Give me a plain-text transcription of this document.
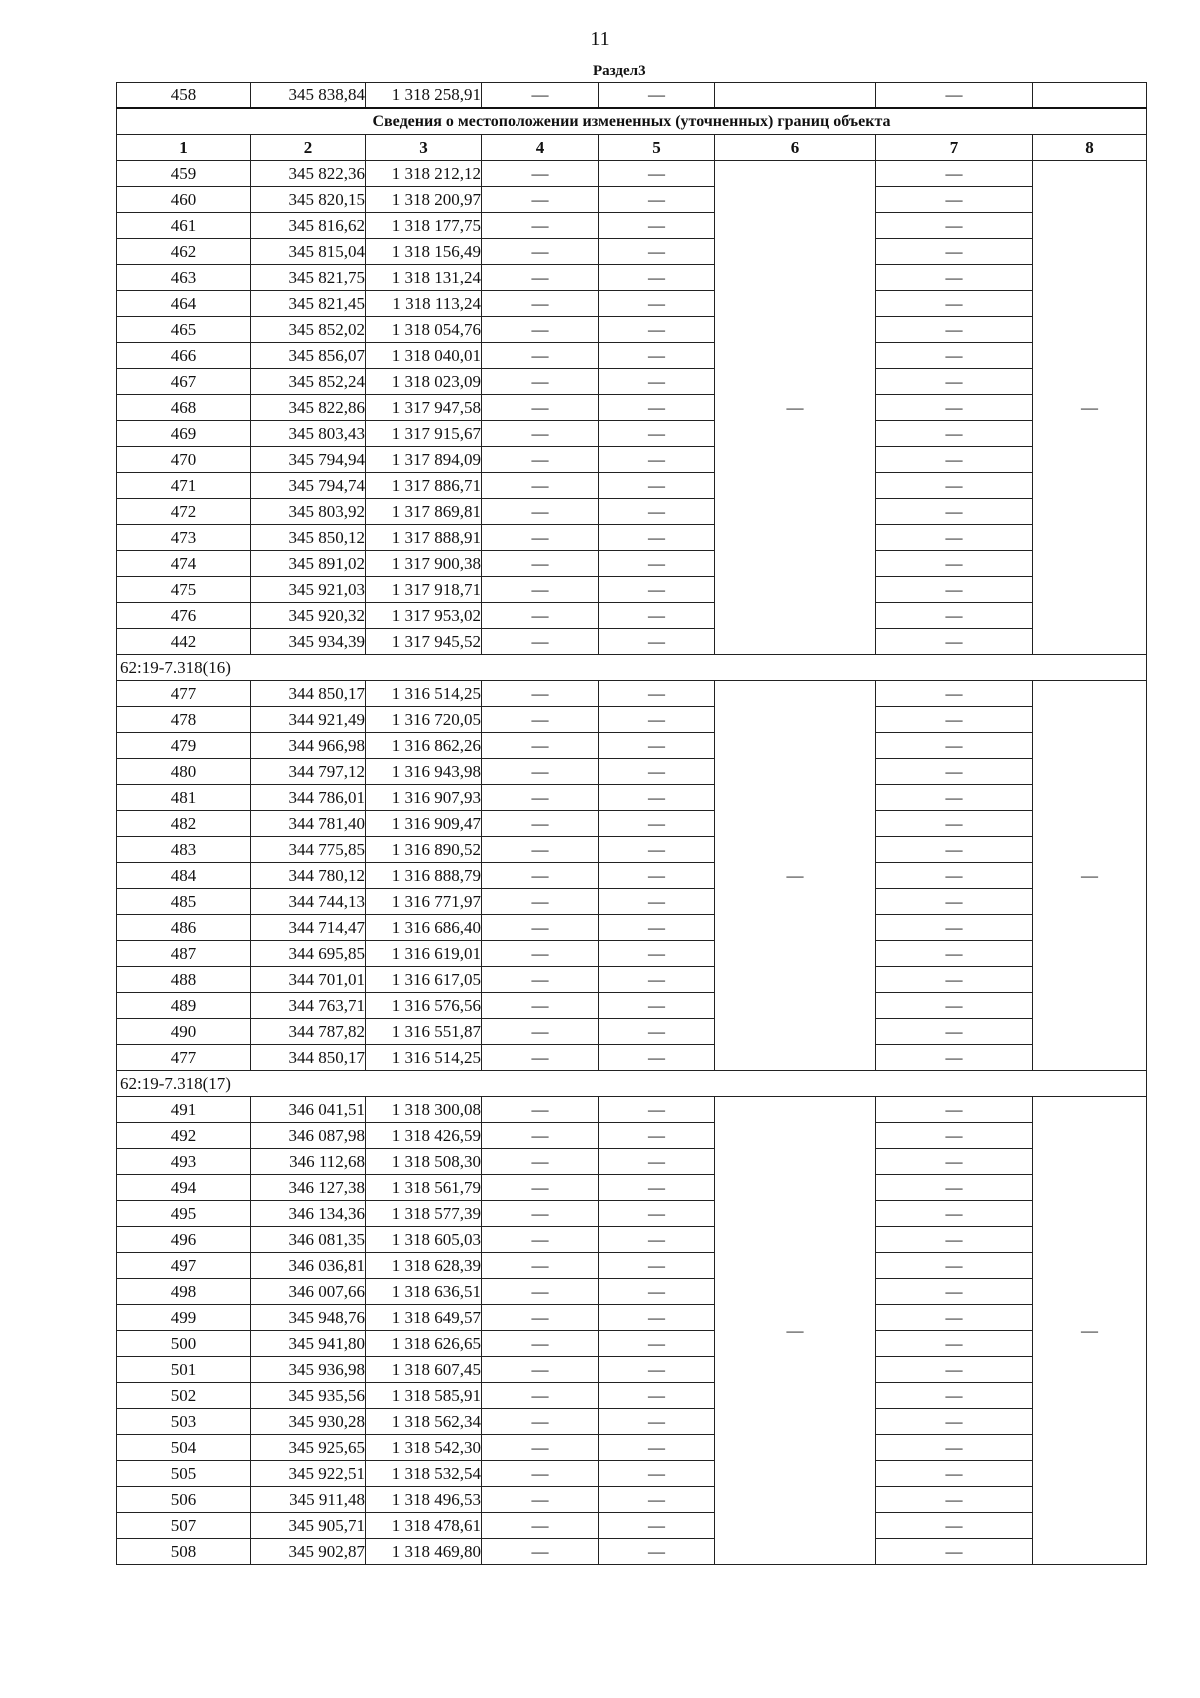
11
Раздел3
458	345 838,84	1 318 258,91	—	—		—	
Сведения о местоположении измененных (уточненных) границ объекта							
1	2	3	4	5	6	7	8
459	345 822,36	1 318 212,12	—	—	—	—	—
460	345 820,15	1 318 200,97	—	—		—	
461	345 816,62	1 318 177,75	—	—		—	
462	345 815,04	1 318 156,49	—	—		—	
463	345 821,75	1 318 131,24	—	—		—	
464	345 821,45	1 318 113,24	—	—		—	
465	345 852,02	1 318 054,76	—	—		—	
466	345 856,07	1 318 040,01	—	—		—	
467	345 852,24	1 318 023,09	—	—		—	
468	345 822,86	1 317 947,58	—	—		—	
469	345 803,43	1 317 915,67	—	—		—	
470	345 794,94	1 317 894,09	—	—		—	
471	345 794,74	1 317 886,71	—	—		—	
472	345 803,92	1 317 869,81	—	—		—	
473	345 850,12	1 317 888,91	—	—		—	
474	345 891,02	1 317 900,38	—	—		—	
475	345 921,03	1 317 918,71	—	—		—	
476	345 920,32	1 317 953,02	—	—		—	
442	345 934,39	1 317 945,52	—	—		—	
62:19-7.318(16)							
477	344 850,17	1 316 514,25	—	—	—	—	—
478	344 921,49	1 316 720,05	—	—		—	
479	344 966,98	1 316 862,26	—	—		—	
480	344 797,12	1 316 943,98	—	—		—	
481	344 786,01	1 316 907,93	—	—		—	
482	344 781,40	1 316 909,47	—	—		—	
483	344 775,85	1 316 890,52	—	—		—	
484	344 780,12	1 316 888,79	—	—		—	
485	344 744,13	1 316 771,97	—	—		—	
486	344 714,47	1 316 686,40	—	—		—	
487	344 695,85	1 316 619,01	—	—		—	
488	344 701,01	1 316 617,05	—	—		—	
489	344 763,71	1 316 576,56	—	—		—	
490	344 787,82	1 316 551,87	—	—		—	
477	344 850,17	1 316 514,25	—	—		—	
62:19-7.318(17)							
491	346 041,51	1 318 300,08	—	—	—	—	—
492	346 087,98	1 318 426,59	—	—		—	
493	346 112,68	1 318 508,30	—	—		—	
494	346 127,38	1 318 561,79	—	—		—	
495	346 134,36	1 318 577,39	—	—		—	
496	346 081,35	1 318 605,03	—	—		—	
497	346 036,81	1 318 628,39	—	—		—	
498	346 007,66	1 318 636,51	—	—		—	
499	345 948,76	1 318 649,57	—	—		—	
500	345 941,80	1 318 626,65	—	—		—	
501	345 936,98	1 318 607,45	—	—		—	
502	345 935,56	1 318 585,91	—	—		—	
503	345 930,28	1 318 562,34	—	—		—	
504	345 925,65	1 318 542,30	—	—		—	
505	345 922,51	1 318 532,54	—	—		—	
506	345 911,48	1 318 496,53	—	—		—	
507	345 905,71	1 318 478,61	—	—		—	
508	345 902,87	1 318 469,80	—	—		—	
